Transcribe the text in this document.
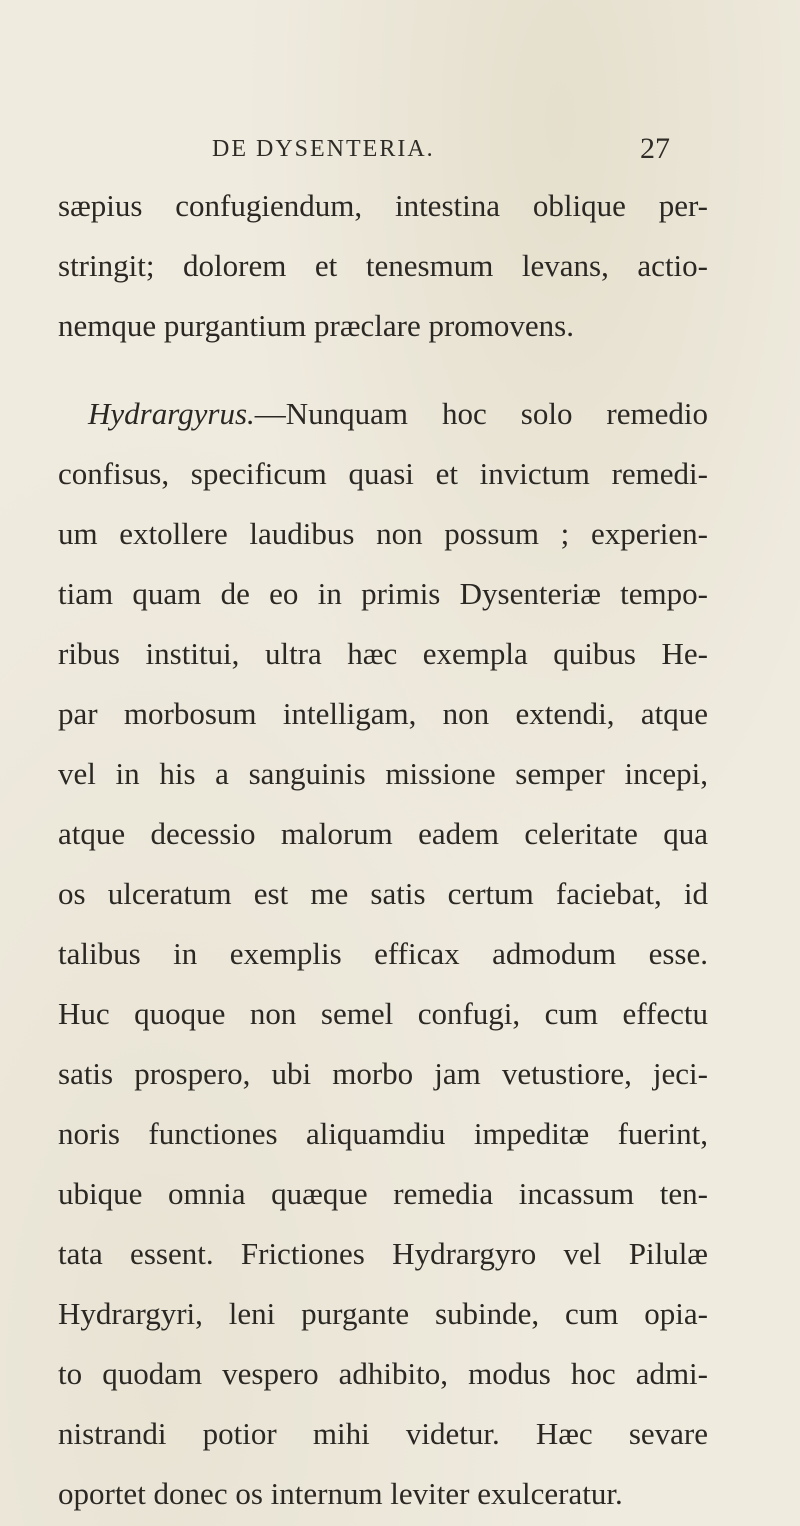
DE DYSENTERIA.	27
sæpius confugiendum, intestina oblique per-
stringit; dolorem et tenesmum levans, actio-
nemque purgantium præclare promovens.
Hydrargyrus.—Nunquam hoc solo remedio
confisus, specificum quasi et invictum remedi-
um extollere laudibus non possum ; experien-
tiam quam de eo in primis Dysenteriæ tempo-
ribus institui, ultra hæc exempla quibus He-
par morbosum intelligam, non extendi, atque
vel in his a sanguinis missione semper incepi,
atque decessio malorum eadem celeritate qua
os ulceratum est me satis certum faciebat, id
talibus in exemplis efficax admodum esse.
Huc quoque non semel confugi, cum effectu
satis prospero, ubi morbo jam vetustiore, jeci-
noris functiones aliquamdiu impeditæ fuerint,
ubique omnia quæque remedia incassum ten-
tata essent. Frictiones Hydrargyro vel Pilulæ
Hydrargyri, leni purgante subinde, cum opia-
to quodam vespero adhibito, modus hoc admi-
nistrandi potior mihi videtur. Hæc sevare
oportet donec os internum leviter exulceratur.
